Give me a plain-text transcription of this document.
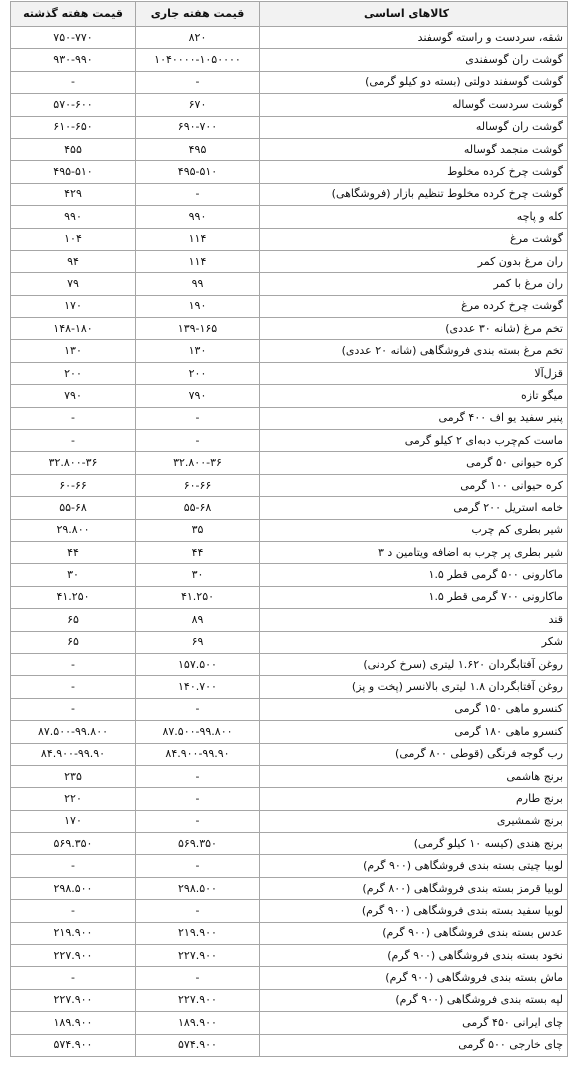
کالاهای اساسی	قیمت هفته جاری	قیمت هفته گذشته
شقه، سردست و راسته گوسفند	۸۲۰	۷۵۰-۷۷۰
گوشت ران گوسفندی	۱۰۴۰۰۰۰-۱۰۵۰۰۰۰	۹۳۰-۹۹۰
گوشت گوسفند دولتی (بسته دو کیلو گرمی)	-	-
گوشت سردست گوساله	۶۷۰	۵۷۰-۶۰۰
گوشت ران گوساله	۶۹۰-۷۰۰	۶۱۰-۶۵۰
گوشت منجمد گوساله	۴۹۵	۴۵۵
گوشت چرخ کرده مخلوط	۴۹۵-۵۱۰	۴۹۵-۵۱۰
گوشت چرخ کرده مخلوط تنظیم بازار (فروشگاهی)	-	۴۲۹
کله و پاچه	۹۹۰	۹۹۰
گوشت مرغ	۱۱۴	۱۰۴
ران مرغ بدون کمر	۱۱۴	۹۴
ران مرغ با کمر	۹۹	۷۹
گوشت چرخ کرده مرغ	۱۹۰	۱۷۰
تخم مرغ (شانه ۳۰ عددی)	۱۳۹-۱۶۵	۱۴۸-۱۸۰
تخم مرغ بسته بندی فروشگاهی (شانه ۲۰ عددی)	۱۳۰	۱۳۰
قزل‌آلا	۲۰۰	۲۰۰
میگو تازه	۷۹۰	۷۹۰
پنیر سفید یو اف ۴۰۰ گرمی	-	-
ماست کم‌چرب دبه‌ای ۲ کیلو گرمی	-	-
کره حیوانی ۵۰ گرمی	۳۲.۸۰۰-۳۶	۳۲.۸۰۰-۳۶
کره حیوانی ۱۰۰ گرمی	۶۰-۶۶	۶۰-۶۶
خامه استریل ۲۰۰ گرمی	۵۵-۶۸	۵۵-۶۸
شیر بطری کم چرب	۳۵	۲۹.۸۰۰
شیر بطری پر چرب به اضافه ویتامین د ۳	۴۴	۴۴
ماکارونی ۵۰۰ گرمی قطر ۱.۵	۳۰	۳۰
ماکارونی ۷۰۰ گرمی قطر ۱.۵	۴۱.۲۵۰	۴۱.۲۵۰
قند	۸۹	۶۵
شکر	۶۹	۶۵
روغن آفتابگردان ۱.۶۲۰ لیتری (سرخ کردنی)	۱۵۷.۵۰۰	-
روغن آفتابگردان ۱.۸ لیتری بالانسر (پخت و پز)	۱۴۰.۷۰۰	-
کنسرو ماهی ۱۵۰ گرمی	-	-
کنسرو ماهی ۱۸۰ گرمی	۸۷.۵۰۰-۹۹.۸۰۰	۸۷.۵۰۰-۹۹.۸۰۰
رب گوجه فرنگی (قوطی ۸۰۰ گرمی)	۸۴.۹۰۰-۹۹.۹۰	۸۴.۹۰۰-۹۹.۹۰
برنج هاشمی	-	۲۳۵
برنج طارم	-	۲۲۰
برنج شمشیری	-	۱۷۰
برنج هندی (کیسه ۱۰ کیلو گرمی)	۵۶۹.۳۵۰	۵۶۹.۳۵۰
لوبیا چیتی بسته بندی فروشگاهی (۹۰۰ گرم)	-	-
لوبیا قرمز بسته بندی فروشگاهی (۸۰۰ گرم)	۲۹۸.۵۰۰	۲۹۸.۵۰۰
لوبیا سفید بسته بندی فروشگاهی (۹۰۰ گرم)	-	-
عدس بسته بندی فروشگاهی (۹۰۰ گرم)	۲۱۹.۹۰۰	۲۱۹.۹۰۰
نخود بسته بندی فروشگاهی (۹۰۰ گرم)	۲۲۷.۹۰۰	۲۲۷.۹۰۰
ماش بسته بندی فروشگاهی (۹۰۰ گرم)	-	-
لپه بسته بندی فروشگاهی (۹۰۰ گرم)	۲۲۷.۹۰۰	۲۲۷.۹۰۰
چای ایرانی ۴۵۰ گرمی	۱۸۹.۹۰۰	۱۸۹.۹۰۰
چای خارجی ۵۰۰ گرمی	۵۷۴.۹۰۰	۵۷۴.۹۰۰
